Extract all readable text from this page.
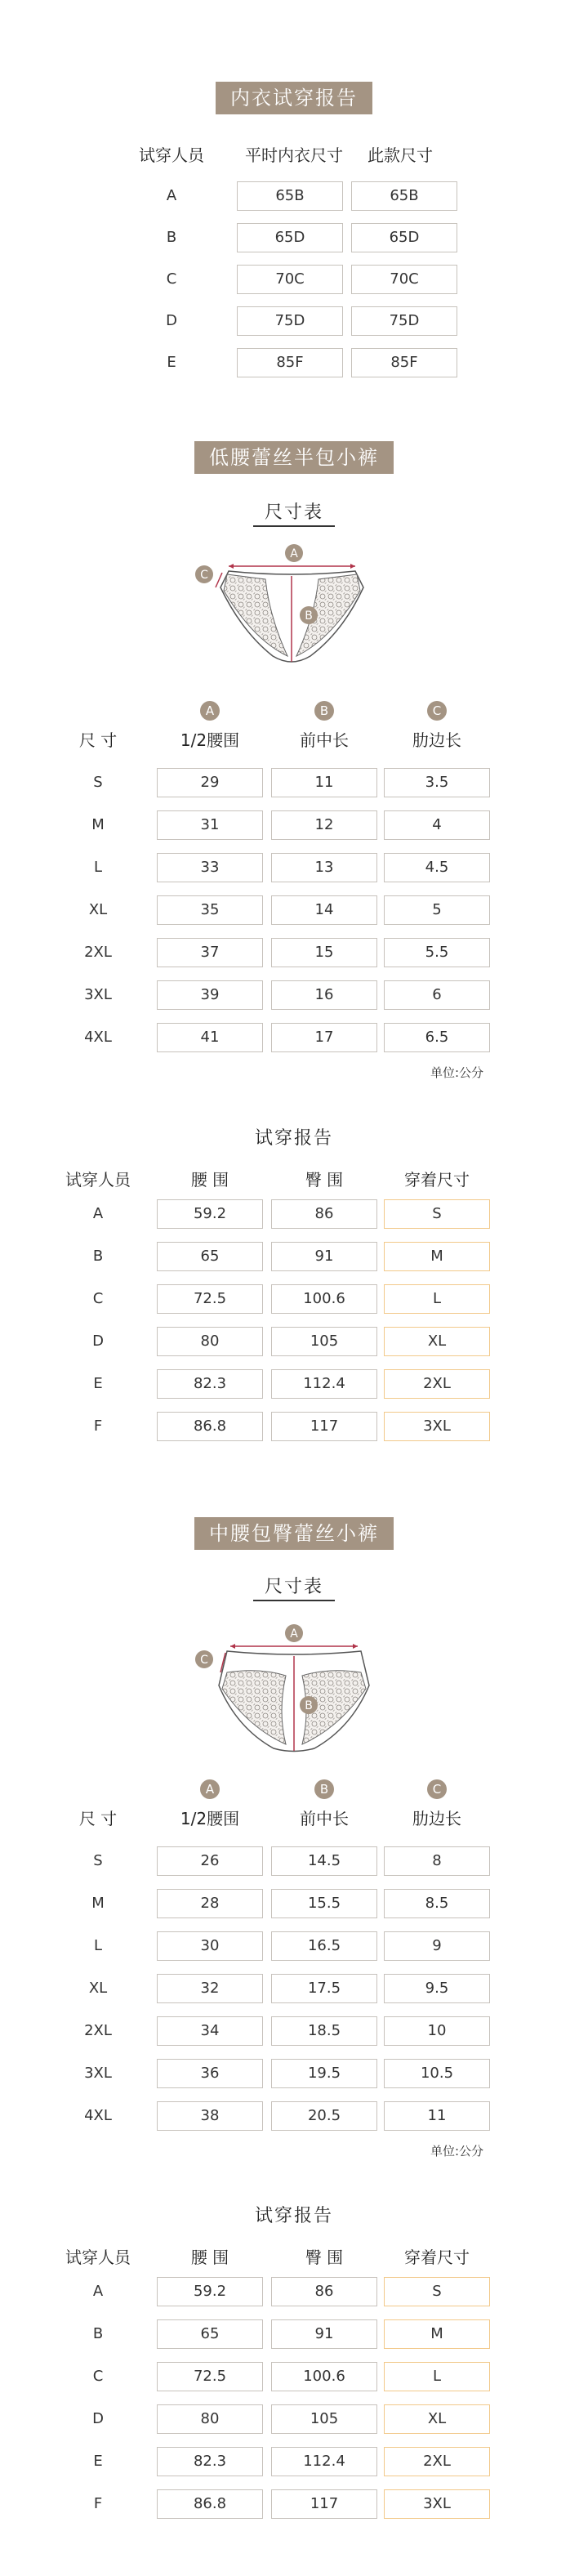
内衣试穿报告
试穿人员	平时内衣尺寸	此款尺寸
A	65B	65B
B	65D	65D
C	70C	70C
D	75D	75D
E	85F	85F
低腰蕾丝半包小裤
尺寸表
A
C
B
A	B	C
尺 寸	1/2腰围	前中长	肋边长
S	29	11	3.5
M	31	12	4
L	33	13	4.5
XL	35	14	5
2XL	37	15	5.5
3XL	39	16	6
4XL	41	17	6.5
单位:公分
试穿报告
试穿人员	腰 围	臀 围	穿着尺寸
A	59.2	86	S
B	65	91	M
C	72.5	100.6	L
D	80	105	XL
E	82.3	112.4	2XL
F	86.8	117	3XL
中腰包臀蕾丝小裤
尺寸表
A
C
B
A	B	C
尺 寸	1/2腰围	前中长	肋边长
S	26	14.5	8
M	28	15.5	8.5
L	30	16.5	9
XL	32	17.5	9.5
2XL	34	18.5	10
3XL	36	19.5	10.5
4XL	38	20.5	11
单位:公分
试穿报告
试穿人员	腰 围	臀 围	穿着尺寸
A	59.2	86	S
B	65	91	M
C	72.5	100.6	L
D	80	105	XL
E	82.3	112.4	2XL
F	86.8	117	3XL
